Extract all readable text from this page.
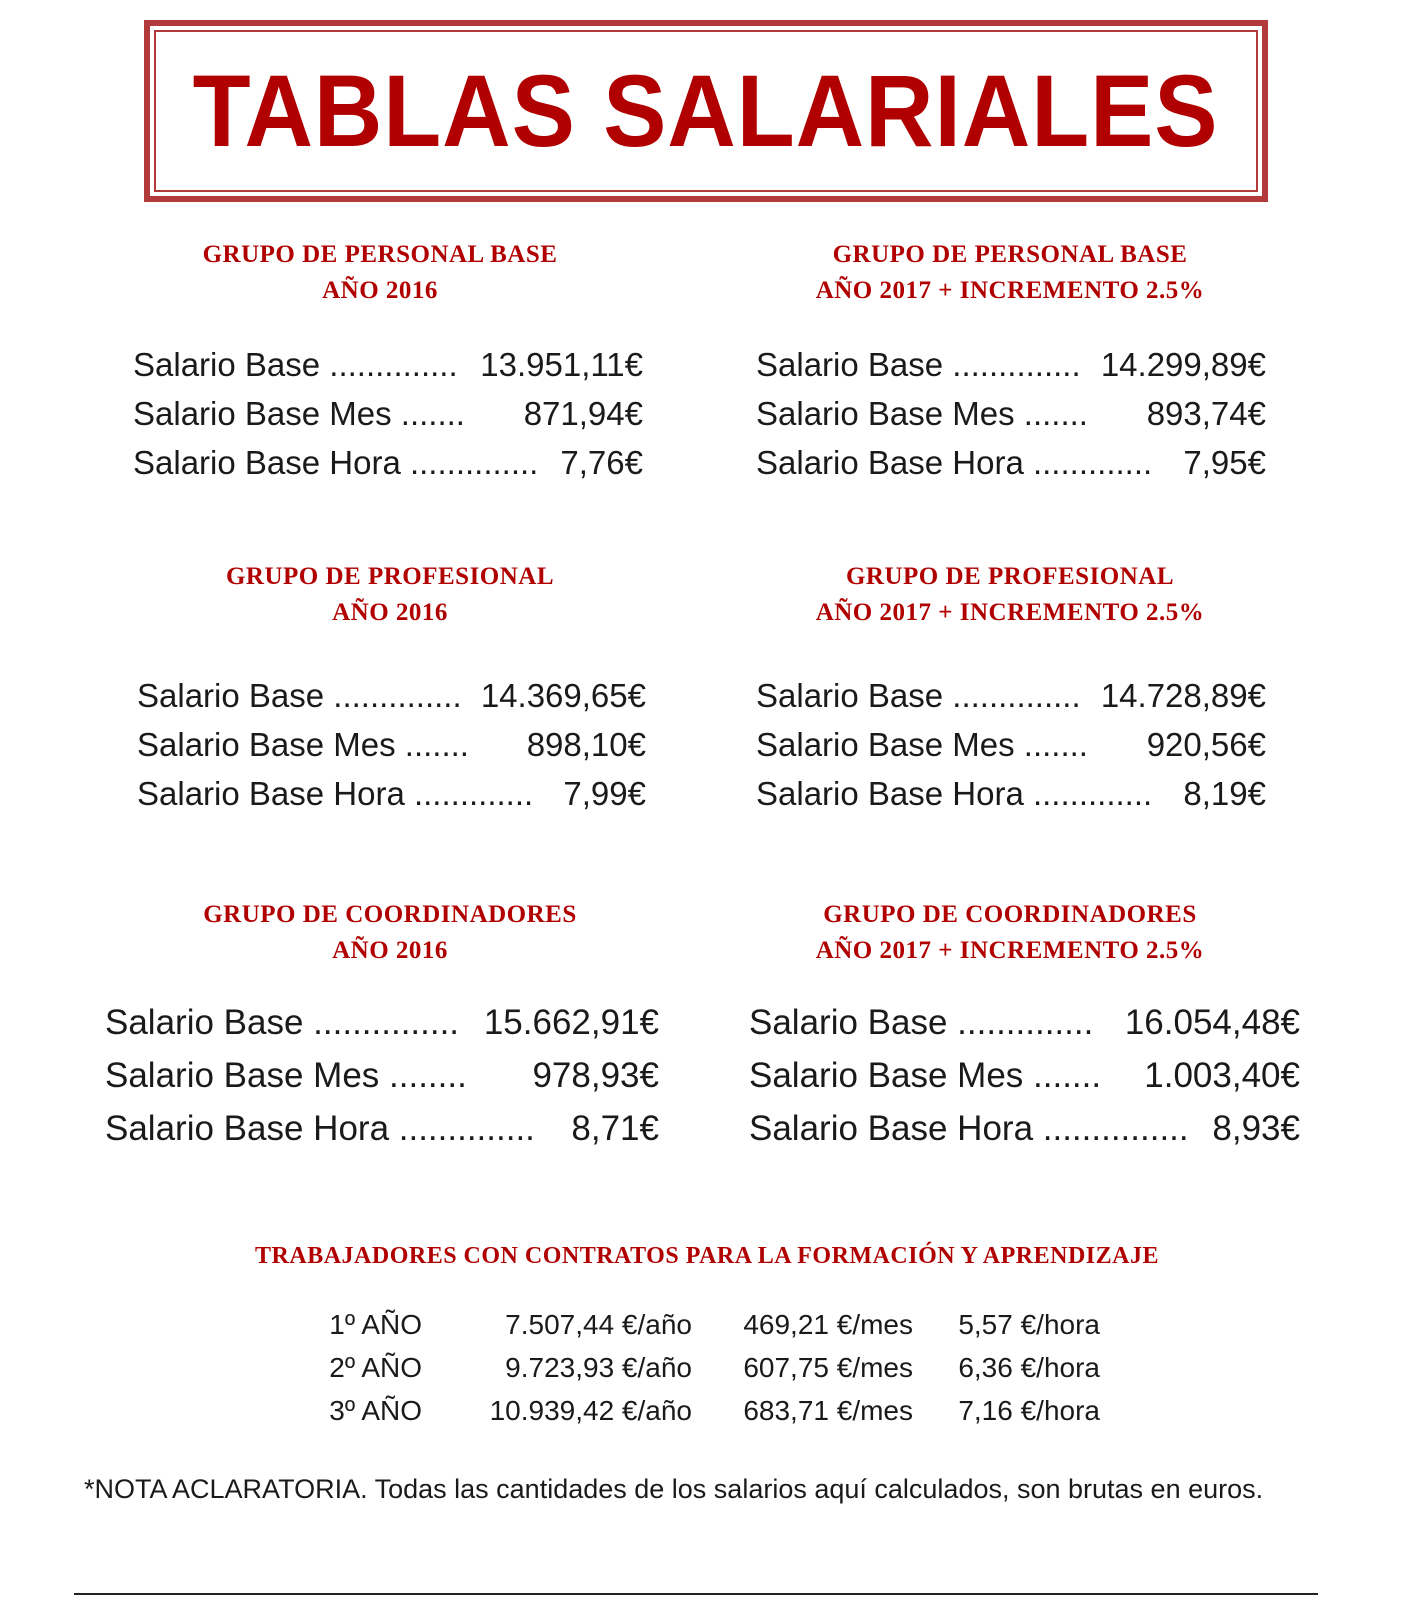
TABLAS SALARIALES
GRUPO DE PERSONAL BASE
AÑO 2016
Salario Base .............. 13.951,11€
Salario Base Mes ....... 871,94€
Salario Base Hora .............. 7,76€
GRUPO DE PERSONAL BASE
AÑO 2017 + INCREMENTO 2.5%
Salario Base .............. 14.299,89€
Salario Base Mes ....... 893,74€
Salario Base Hora ............. 7,95€
GRUPO DE PROFESIONAL
AÑO 2016
Salario Base .............. 14.369,65€
Salario Base Mes ....... 898,10€
Salario Base Hora ............. 7,99€
GRUPO DE PROFESIONAL
AÑO 2017 + INCREMENTO 2.5%
Salario Base .............. 14.728,89€
Salario Base Mes ....... 920,56€
Salario Base Hora ............. 8,19€
GRUPO DE COORDINADORES
AÑO 2016
Salario Base ............... 15.662,91€
Salario Base Mes ........ 978,93€
Salario Base Hora .............. 8,71€
GRUPO DE COORDINADORES
AÑO 2017 + INCREMENTO 2.5%
Salario Base .............. 16.054,48€
Salario Base Mes ....... 1.003,40€
Salario Base Hora ............... 8,93€
TRABAJADORES CON CONTRATOS PARA LA FORMACIÓN Y APRENDIZAJE
1º AÑO	7.507,44 €/año 469,21 €/mes 5,57 €/hora
2º AÑO	9.723,93 €/año 607,75 €/mes 6,36 €/hora
3º AÑO 10.939,42 €/año 683,71 €/mes 7,16 €/hora
*NOTA ACLARATORIA. Todas las cantidades de los salarios aquí calculados, son brutas en euros.
